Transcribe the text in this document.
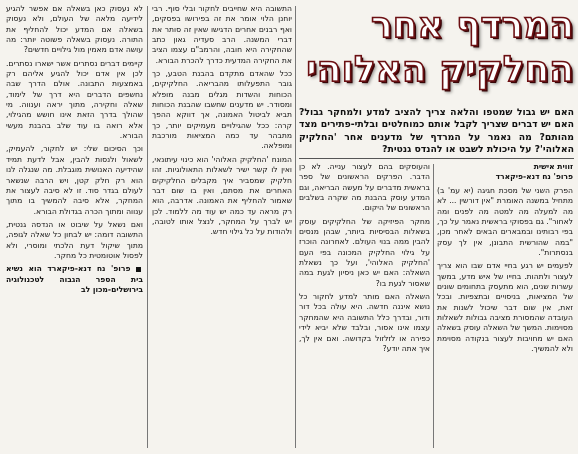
המרדף אחר
החלקיק האלוהי
האם יש גבול שמטפו והלאה צריך להציב למדע ולמחקר גבול? האם יש דברים שצריך לקבל אותם כמוחלטים ובלתי-פתירים מצד מהותם? מה נאמר על המרדף של מדענים אחר 'החלקיק האלוהי'? על היכולת לשבט או להנדס גנטית?
זווית אישית
פרופ' נח דנא-פיקארד

הפרק השני של מסכת חגיגה (יא עמ' ב) מתחיל במשנה האומרת "אין דורשין ... לא מה למעלה מה למטה מה לפנים ומה לאחור". גם בפסוקי בראשית נאמר על כך, בפי רבותינו ובמבארים הבאים לאחר מכן, "במה שהורשית התבונן, אין לך עסק בנסתרות".

לפעמים יש רגע בחיי אדם שבו הוא צריך לעצור ולתהות. בחייו של איש מדע, במשך עשרות שנים, הוא מתעסק בתחומים שונים של המציאות, בניסויים ובתצפיות. ובכל זאת, אין שום דבר שיכול לשנות את העובדה שהמסורת מציבה גבולות לשאלות מסוימות. המשך של השאלה עוסק בשאלה האם יש מחויבות לעצור בנקודה מסוימת ולא להמשיך.

והעוסקים בהם לעצור ענייה. לא כן הדבר. הפרקים הראשונים של ספר בראשית מדברים על מעשה הבריאה, וגם המדע עוסק בהבנת מה שקרה בשלבים הראשונים של היקום.

מחקר הפיזיקה של החלקיקים עוסק בשאלות הבסיסיות ביותר, שבהן מנסים להבין ממה בנוי העולם. לאחרונה הוכרז על גילוי החלקיק המכונה בפי העם 'החלקיק האלוהי', ועל כך נשאלת השאלה: האם יש כאן ניסיון לגעת במה שאסור לגעת בו?

השאלה האם מותר למדע לחקור כל נושא איננה חדשה. היא עולה בכל דור ודור, ובדרך כלל התשובה היא שהמחקר עצמו אינו אסור, ובלבד שלא יביא לידי כפירה או לזלזול בקדושה. ואם אין לך, איך אתה יודע?

התשובה היא שחייבים לחקור ובלי סוף. רבי יוחנן הלוי אומר את זה בפירושו בפסקים, ואף רבנים אחרים הדגישו שאין זה סותר את דברי המשנה. הרב סעדיה גאון כתב שהחקירה היא חובה, והרמב"ם עצמו הציב את החקירה המדעית כדרך להכרת הבורא.

ככל שהאדם מתקדם בהבנת הטבע, כך גובר התפעלותו מהבריאה. החלקיקים, הכוחות והשדות מגלים מבנה מופלא ומסודר. יש מדענים שחשבו שהבנת הכוחות תביא לביטול האמונה, אך דווקא ההפך קרה: ככל שהגילויים מעמיקים יותר, כך מתבהר עד כמה המציאות מורכבת ומופלאה.

המונח 'החלקיק האלוהי' הוא כינוי עיתונאי, ואין לו קשר ישיר לשאלות התאולוגיות. זהו חלקיק שמסביר איך מקבלים החלקיקים האחרים את מסתם, ואין בו שום דבר שאמור להחליף את האמונה. אדרבה, הוא רק מראה עד כמה יש עוד מה ללמוד. לכן יש לברך על המחקר, לנצל אותו לטובה, ולהודות על כל גילוי חדש.

לא נעסוק כאן בשאלה אם אפשר להגיע לידיעה מלאה של העולם, ולא נעסוק בשאלה אם המדע יכול להחליף את התורה. נעסוק בשאלה פשוטה יותר: מה עושה אדם מאמין מול גילויים חדשים?

קיימים דברים נסתרים אשר ישארו נסתרים. לכן אין אדם יכול להגיע אליהם רק באמצעות התבונה. אולם הדרך שבה נחשפים הדברים היא דרך של לימוד, שאלה וחקירה, מתוך יראה וענווה. מי שהולך בדרך הזאת אינו חושש מהגילוי, אלא רואה בו עוד שלב בהבנת מעשי הבורא.

וכך הסיכום שלי: יש לחקור, להעמיק, לשאול ולנסות להבין, אבל לדעת תמיד שהידיעה האנושית מוגבלת. מה שנגלה לנו הוא רק חלק קטן, ויש הרבה שנשאר לעולם בגדר סוד. זו לא סיבה לעצור את המחקר, אלא סיבה להמשיך בו מתוך ענווה ומתוך הכרה בגדולת הבורא.

ואם נשאל על שיבוט או הנדסה גנטית, התשובה דומה: יש לבחון כל שאלה לגופה, מתוך שיקול דעת הלכתי ומוסרי, ולא לפסול אוטומטית כל מחקר.

פרופ' נח דנא-פיקארד הוא נשיא בית הספר הגבוה לטכנולוגיה בירושלים-מכון לב
